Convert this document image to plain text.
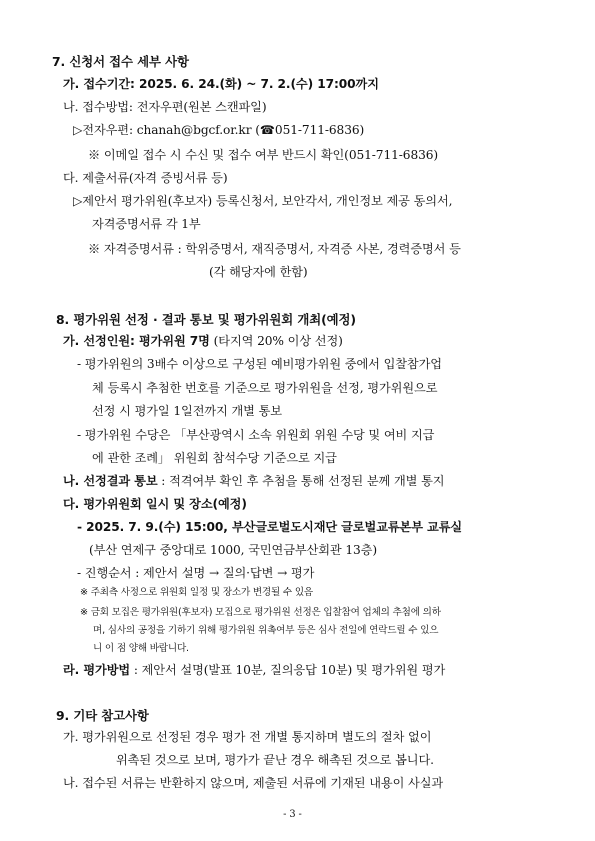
7. 신청서 접수 세부 사항
가. 접수기간: 2025. 6. 24.(화) ~ 7. 2.(수) 17:00까지
나. 접수방법: 전자우편(원본 스캔파일)
▷전자우편: chanah@bgcf.or.kr (☎051-711-6836)
※ 이메일 접수 시 수신 및 접수 여부 반드시 확인(051-711-6836)
다. 제출서류(자격 증빙서류 등)
▷제안서 평가위원(후보자) 등록신청서, 보안각서, 개인정보 제공 동의서,
자격증명서류 각 1부
※ 자격증명서류 : 학위증명서, 재직증명서, 자격증 사본, 경력증명서 등
(각 해당자에 한함)
8. 평가위원 선정 · 결과 통보 및 평가위원회 개최(예정)
가. 선정인원: 평가위원 7명 (타지역 20% 이상 선정)
- 평가위원의 3배수 이상으로 구성된 예비평가위원 중에서 입찰참가업
체 등록시 추첨한 번호를 기준으로 평가위원을 선정, 평가위원으로
선정 시 평가일 1일전까지 개별 통보
- 평가위원 수당은 「부산광역시 소속 위원회 위원 수당 및 여비 지급
에 관한 조례」 위원회 참석수당 기준으로 지급
나. 선정결과 통보 : 적격여부 확인 후 추첨을 통해 선정된 분께 개별 통지
다. 평가위원회 일시 및 장소(예정)
- 2025. 7. 9.(수) 15:00, 부산글로벌도시재단 글로벌교류본부 교류실
(부산 연제구 중앙대로 1000, 국민연금부산회관 13층)
- 진행순서 : 제안서 설명 → 질의·답변 → 평가
※ 주최측 사정으로 위원회 일정 및 장소가 변경될 수 있음
※ 금회 모집은 평가위원(후보자) 모집으로 평가위원 선정은 입찰참여 업체의 추첨에 의하
며, 심사의 공정을 기하기 위해 평가위원 위촉여부 등은 심사 전일에 연락드릴 수 있으
니 이 점 양해 바랍니다.
라. 평가방법 : 제안서 설명(발표 10분, 질의응답 10분) 및 평가위원 평가
9. 기타 참고사항
가. 평가위원으로 선정된 경우 평가 전 개별 통지하며 별도의 절차 없이
위촉된 것으로 보며, 평가가 끝난 경우 해촉된 것으로 봅니다.
나. 접수된 서류는 반환하지 않으며, 제출된 서류에 기재된 내용이 사실과
- 3 -
